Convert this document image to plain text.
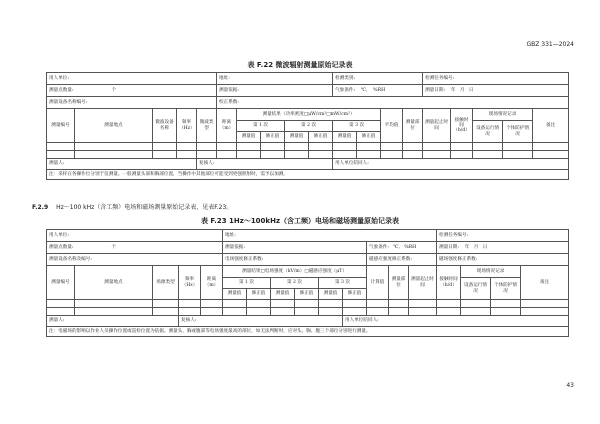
GBZ 331—2024
表 F.22 微波辐射测量原始记录表
用人单位:					地址:					检测类别:				检测任务编号:				
测量点数量: 个					测量依据:					气象条件: ℃, %RH				测量日期: 年 月 日				
测量设备名称编号:					校正系数:													
测量编号	测量地点	微波设备名称	频率（Hz）	微波类型	距离（m）	测量结果（功率密度□μW/cm²□mW/cm²）						平均值	测量部位	测量起止时间	接触时间（h/d）	现场情况记录		备注
						第 1 次		第 2 次		第 3 次						设备运行情况	个体防护情况	
						测量值	修正值	测量值	修正值	测量值	修正值							

测量人:				复核人:						用人单位陪同人:								
注：采样在各操作位分别于仪测量。一般测量头部和胸部位置，当操作中其他部位可能受到更强照射时，需予以加测。																		
F.2.9 Hz～100 kHz（含工频）电场和磁场测量原始记录表，见表F.23。
表 F.23 1Hz～100kHz（含工频）电场和磁场测量原始记录表
用人单位:					地址:									检测任务编号:			
测量点数量: 个					测量依据:						气象条件: ℃, %RH			测量日期: 年 月 日			
测量设备名称及编号:					电场强度修正系数:						磁感应强度修正系数:			磁场强度修正系数:			
测量编号	测量地点	场源类型	频率（Hz）	距离（m）	测量结果□电场强度（kV/m）□磁感应强度（μT）						计算值	测量部位	测量起止时间	接触时间（h/d）	现场情况记录		备注
					第 1 次		第 2 次		第 3 次						设备运行情况	个体防护情况	
					测量值	修正值	测量值	修正值	测量值	修正值							

测量人:			复核人:							用人单位陪同人:							
注：电磁场的影响以作业人员操作位置或巡检位置为依据。测量头、胸或腹部等电场强度最高的部位，如无法判断时，应对头、胸、腹三个部位分别进行测量。																	
43
